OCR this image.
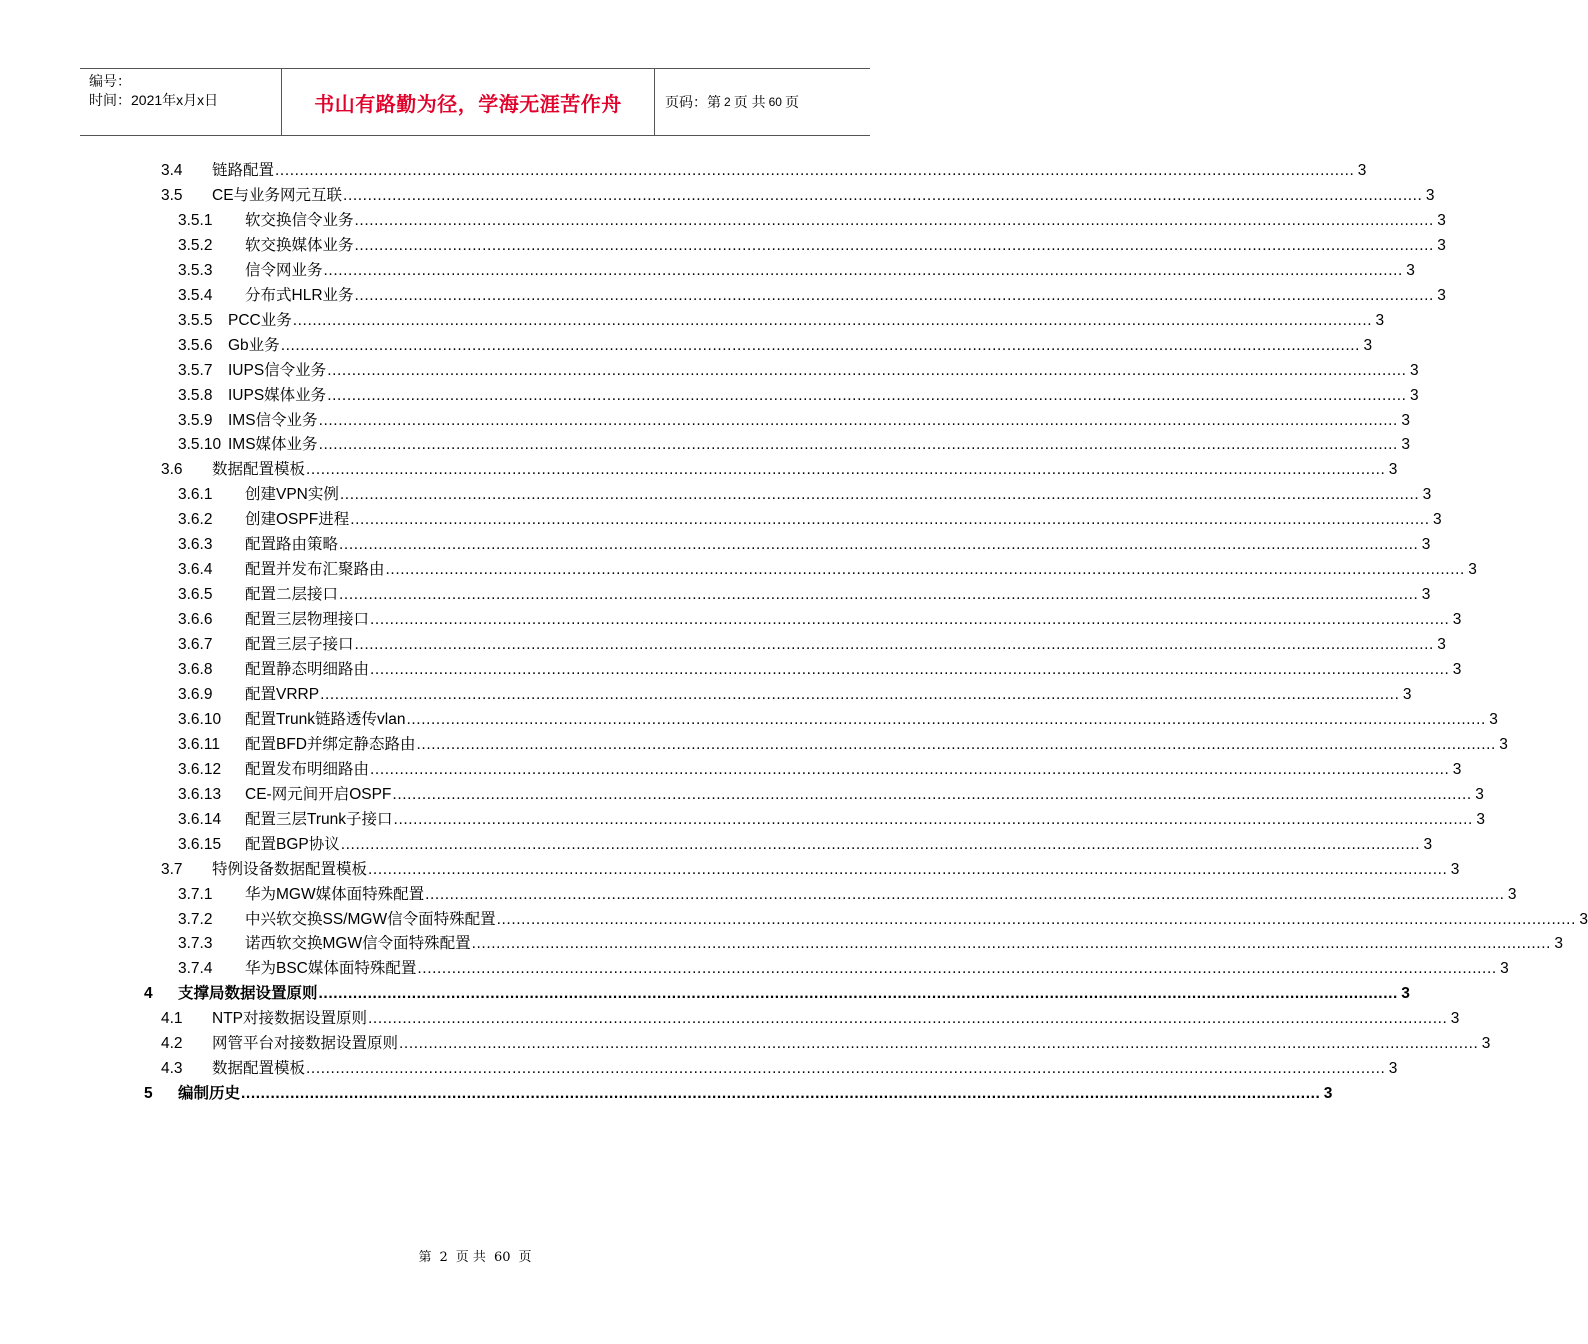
编号：
时间：2021年x月x日	书山有路勤为径，学海无涯苦作舟	页码：第 2 页 共 60 页
3.4	链路配置 ............................................................................................................................................................................................................................ 3
3.5	CE与业务网元互联 ............................................................................................................................................................................................................................ 3
3.5.1	软交换信令业务 ............................................................................................................................................................................................................................ 3
3.5.2	软交换媒体业务 ............................................................................................................................................................................................................................ 3
3.5.3	信令网业务 ............................................................................................................................................................................................................................ 3
3.5.4	分布式HLR业务 ............................................................................................................................................................................................................................ 3
3.5.5	PCC业务 ............................................................................................................................................................................................................................ 3
3.5.6	Gb业务 ............................................................................................................................................................................................................................ 3
3.5.7	IUPS信令业务 ............................................................................................................................................................................................................................ 3
3.5.8	IUPS媒体业务 ............................................................................................................................................................................................................................ 3
3.5.9	IMS信令业务 ............................................................................................................................................................................................................................ 3
3.5.10 IMS媒体业务 ............................................................................................................................................................................................................................ 3
3.6	数据配置模板 ............................................................................................................................................................................................................................ 3
3.6.1	创建VPN实例 ............................................................................................................................................................................................................................ 3
3.6.2	创建OSPF进程 ............................................................................................................................................................................................................................ 3
3.6.3	配置路由策略 ............................................................................................................................................................................................................................ 3
3.6.4	配置并发布汇聚路由 ............................................................................................................................................................................................................................ 3
3.6.5	配置二层接口 ............................................................................................................................................................................................................................ 3
3.6.6	配置三层物理接口 ............................................................................................................................................................................................................................ 3
3.6.7	配置三层子接口 ............................................................................................................................................................................................................................ 3
3.6.8	配置静态明细路由 ............................................................................................................................................................................................................................ 3
3.6.9	配置VRRP ............................................................................................................................................................................................................................ 3
3.6.10	配置Trunk链路透传vlan ............................................................................................................................................................................................................................ 3
3.6.11	配置BFD并绑定静态路由 ............................................................................................................................................................................................................................ 3
3.6.12	配置发布明细路由 ............................................................................................................................................................................................................................ 3
3.6.13	CE-网元间开启OSPF ............................................................................................................................................................................................................................ 3
3.6.14	配置三层Trunk子接口 ............................................................................................................................................................................................................................ 3
3.6.15	配置BGP协议 ............................................................................................................................................................................................................................ 3
3.7	特例设备数据配置模板 ............................................................................................................................................................................................................................ 3
3.7.1	华为MGW媒体面特殊配置 ............................................................................................................................................................................................................................ 3
3.7.2	中兴软交换SS/MGW信令面特殊配置 ............................................................................................................................................................................................................................ 3
3.7.3	诺西软交换MGW信令面特殊配置 ............................................................................................................................................................................................................................ 3
3.7.4	华为BSC媒体面特殊配置 ............................................................................................................................................................................................................................ 3
4	支撑局数据设置原则 ............................................................................................................................................................................................................................ 3
4.1	NTP对接数据设置原则 ............................................................................................................................................................................................................................ 3
4.2	网管平台对接数据设置原则 ............................................................................................................................................................................................................................ 3
4.3	数据配置模板 ............................................................................................................................................................................................................................ 3
5	编制历史 ............................................................................................................................................................................................................................ 3
第 2 页 共 60 页
